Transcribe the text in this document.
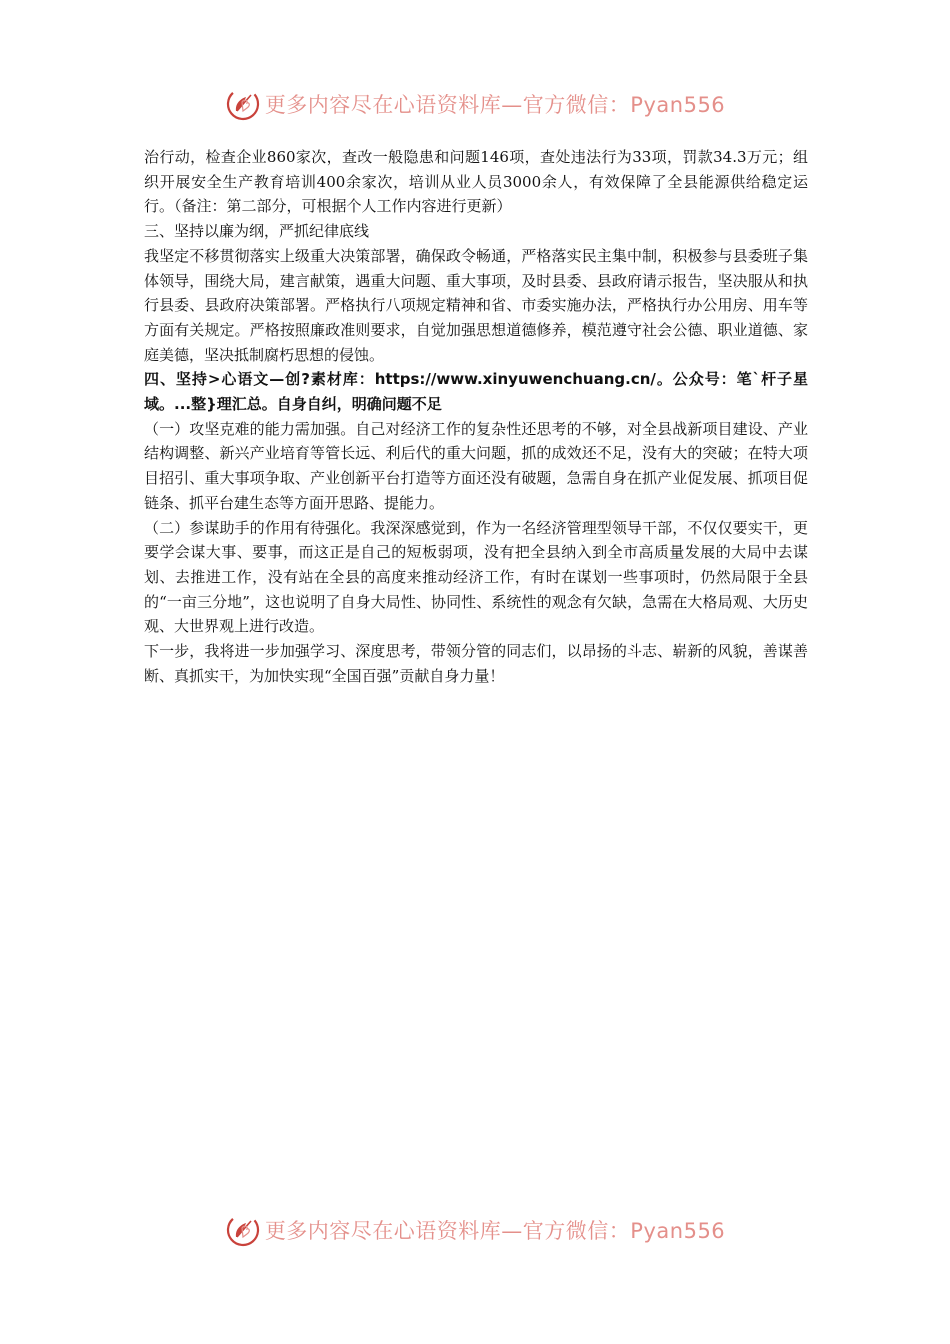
更多内容尽在心语资料库—官方微信：Pyan556

治行动，检查企业860家次，查改一般隐患和问题146项，查处违法行为33项，罚款34.3万元；组织开展安全生产教育培训400余家次，培训从业人员3000余人，有效保障了全县能源供给稳定运行。（备注：第二部分，可根据个人工作内容进行更新）

三、坚持以廉为纲，严抓纪律底线

我坚定不移贯彻落实上级重大决策部署，确保政令畅通，严格落实民主集中制，积极参与县委班子集体领导，围绕大局，建言献策，遇重大问题、重大事项，及时县委、县政府请示报告，坚决服从和执行县委、县政府决策部署。严格执行八项规定精神和省、市委实施办法，严格执行办公用房、用车等方面有关规定。严格按照廉政准则要求，自觉加强思想道德修养，模范遵守社会公德、职业道德、家庭美德，坚决抵制腐朽思想的侵蚀。

四、坚持>心语文—创?素材库：https://www.xinyuwenchuang.cn/。公众号：笔`杆子星域。...整}理汇总。自身自纠，明确问题不足

（一）攻坚克难的能力需加强。自己对经济工作的复杂性还思考的不够，对全县战新项目建设、产业结构调整、新兴产业培育等管长远、利后代的重大问题，抓的成效还不足，没有大的突破；在特大项目招引、重大事项争取、产业创新平台打造等方面还没有破题，急需自身在抓产业促发展、抓项目促链条、抓平台建生态等方面开思路、提能力。

（二）参谋助手的作用有待强化。我深深感觉到，作为一名经济管理型领导干部，不仅仅要实干，更要学会谋大事、要事，而这正是自己的短板弱项，没有把全县纳入到全市高质量发展的大局中去谋划、去推进工作，没有站在全县的高度来推动经济工作，有时在谋划一些事项时，仍然局限于全县的“一亩三分地”，这也说明了自身大局性、协同性、系统性的观念有欠缺，急需在大格局观、大历史观、大世界观上进行改造。

下一步，我将进一步加强学习、深度思考，带领分管的同志们，以昂扬的斗志、崭新的风貌，善谋善断、真抓实干，为加快实现“全国百强”贡献自身力量！

更多内容尽在心语资料库—官方微信：Pyan556
